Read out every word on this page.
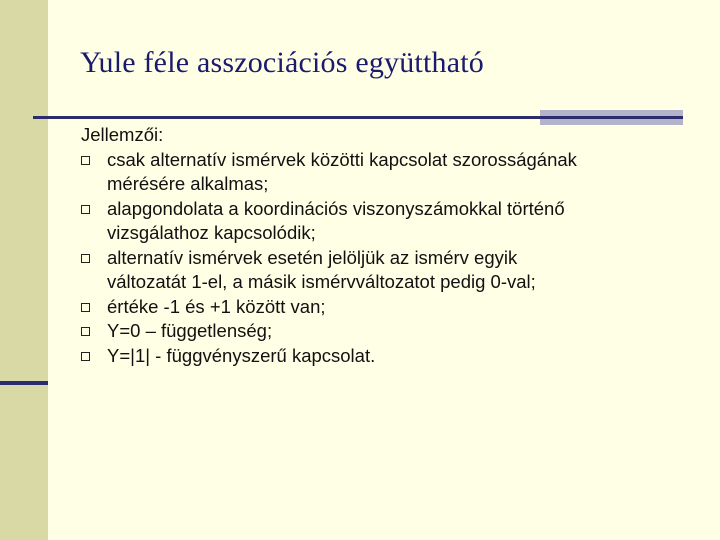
Yule féle asszociációs együttható

Jellemzői:

csak alternatív ismérvek közötti kapcsolat szorosságának
mérésére alkalmas;
alapgondolata a koordinációs viszonyszámokkal történő
vizsgálathoz kapcsolódik;
alternatív ismérvek esetén jelöljük az ismérv egyik
változatát 1-el, a másik ismérvváltozatot pedig 0-val;
értéke -1 és +1 között van;
Y=0 – függetlenség;
Y=|1| - függvényszerű kapcsolat.
